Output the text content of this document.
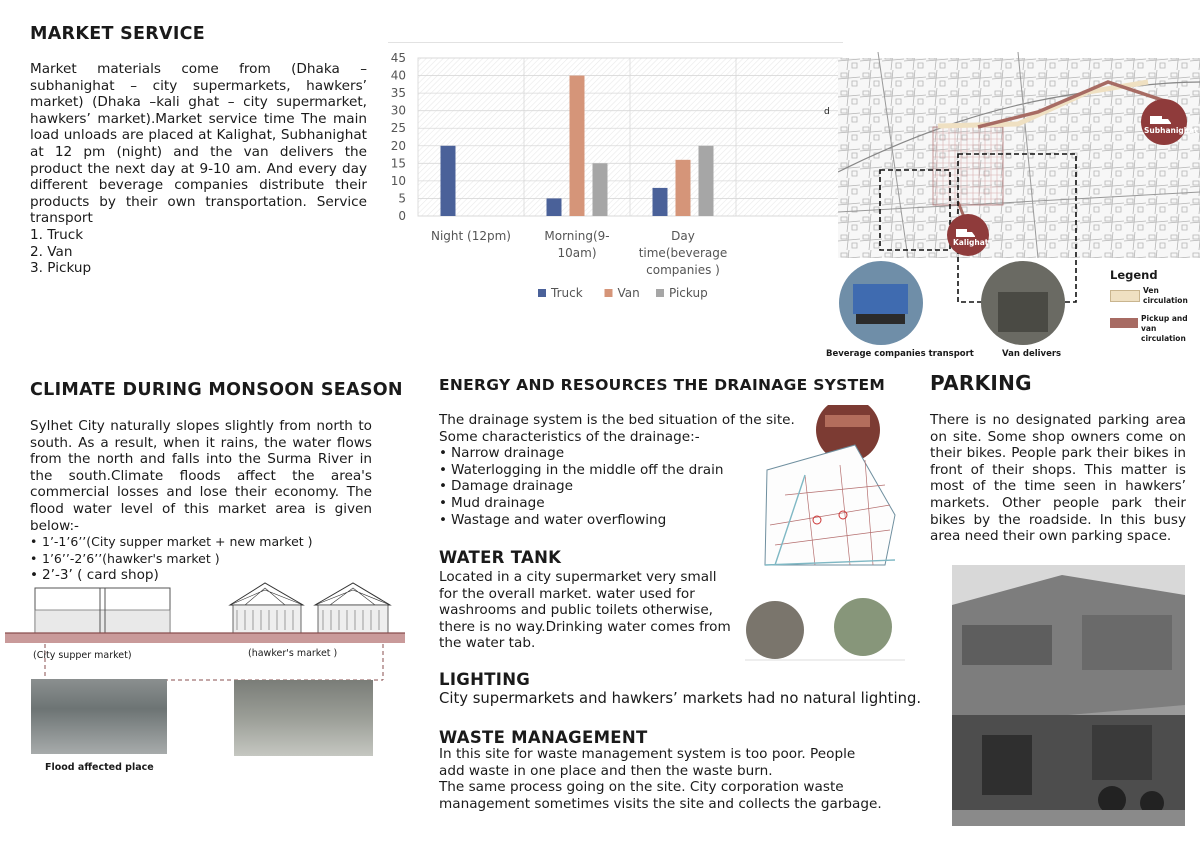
MARKET SERVICE

Market materials come from (Dhaka – subhanighat – city supermarkets, hawkers’ market) (Dhaka –kali ghat – city supermarket, hawkers’ market).Market service time The main load unloads are placed at Kalighat, Subhanighat at 12 pm (night) and the van delivers the product the next day at 9-10 am. And every day different beverage companies distribute their products by their own transportation. Service transport

1. Truck
2. Van
3. Pickup
0
5
10
15
20
25
30
35
40
45
Night (12pm)	Morning(9-
10am)
Day
time(beverage
companies )
Truck	Van Pickup
d
Subhanighat
Kalighat
Legend
Ven circulation
Pickup and van circulation
Beverage companies transport	Van delivers
CLIMATE DURING MONSOON SEASON

Sylhet City naturally slopes slightly from north to south. As a result, when it rains, the water flows from the north and falls into the Surma River in the south.Climate floods affect the area's commercial losses and lose their economy. The flood water level of this market area is given below:-

• 1’-1’6’’(City supper market + new market )
• 1’6’’-2’6’’(hawker's market )
• 2’-3’ ( card shop)
(City supper market)	(hawker's market )
Flood affected place
ENERGY AND RESOURCES THE DRAINAGE SYSTEM

The drainage system is the bed situation of the site. Some characteristics of the drainage:-

• Narrow drainage
• Waterlogging in the middle off the drain
• Damage drainage
• Mud drainage
• Wastage and water overflowing
WATER TANK

Located in a city supermarket very small for the overall market. water used for washrooms and public toilets otherwise, there is no way.Drinking water comes from the water tab.

LIGHTING

City supermarkets and hawkers’ markets had no natural lighting.

WASTE MANAGEMENT

In this site for waste management system is too poor. People add waste in one place and then the waste burn.

The same process going on the site. City corporation waste management sometimes visits the site and collects the garbage.

PARKING

There is no designated parking area on site. Some shop owners come on their bikes. People park their bikes in front of their shops. This matter is most of the time seen in hawkers’ markets. Other people park their bikes by the roadside. In this busy area need their own parking space.
